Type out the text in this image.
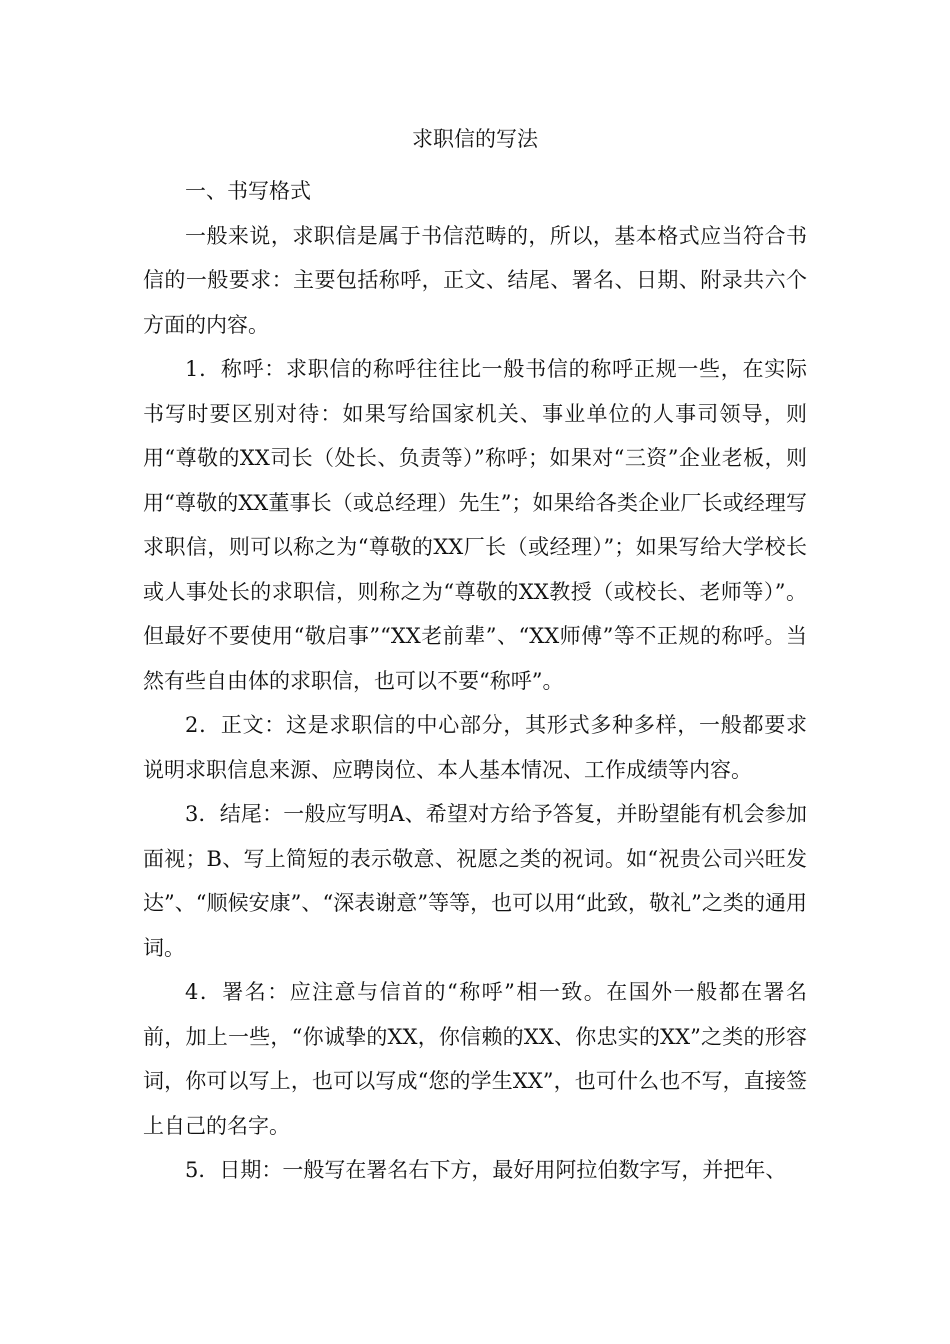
求职信的写法

一、书写格式

一般来说，求职信是属于书信范畴的，所以，基本格式应当符合书信的一般要求：主要包括称呼，正文、结尾、署名、日期、附录共六个方面的内容。

1．称呼：求职信的称呼往往比一般书信的称呼正规一些，在实际书写时要区别对待：如果写给国家机关、事业单位的人事司领导，则用“尊敬的XX司长（处长、负责等）”称呼；如果对“三资”企业老板，则用“尊敬的XX董事长（或总经理）先生”；如果给各类企业厂长或经理写求职信，则可以称之为“尊敬的XX厂长（或经理）”；如果写给大学校长或人事处长的求职信，则称之为“尊敬的XX教授（或校长、老师等）”。但最好不要使用“敬启事”“XX老前辈”、“XX师傅”等不正规的称呼。当然有些自由体的求职信，也可以不要“称呼”。

2．正文：这是求职信的中心部分，其形式多种多样，一般都要求说明求职信息来源、应聘岗位、本人基本情况、工作成绩等内容。

3．结尾：一般应写明A、希望对方给予答复，并盼望能有机会参加面视；B、写上简短的表示敬意、祝愿之类的祝词。如“祝贵公司兴旺发达”、“顺候安康”、“深表谢意”等等，也可以用“此致，敬礼”之类的通用词。

4．署名：应注意与信首的“称呼”相一致。在国外一般都在署名前，加上一些，“你诚挚的XX，你信赖的XX、你忠实的XX”之类的形容词，你可以写上，也可以写成“您的学生XX”，也可什么也不写，直接签上自己的名字。

5．日期：一般写在署名右下方，最好用阿拉伯数字写，并把年、
